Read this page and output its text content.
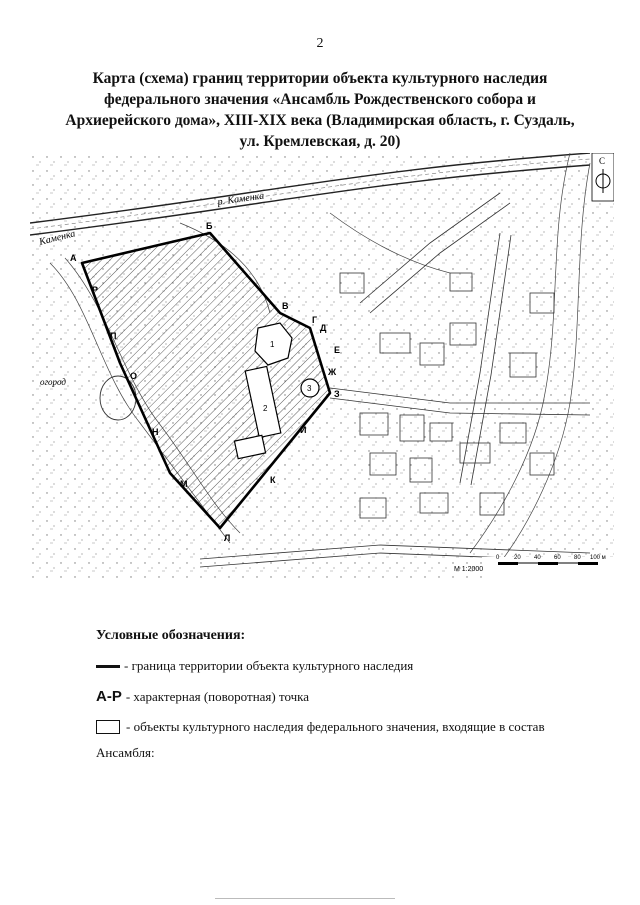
2
Карта (схема) границ территории объекта культурного наследия
федерального значения «Ансамбль Рождественского собора и
Архиерейского дома», XIII-XIX века (Владимирская область, г. Суздаль,
ул. Кремлевская, д. 20)
р. Каменка
Каменка
огород
1
2
3
А
Б
В
Г
Д
Е
Ж
З
И
К
Л
М
Н
О
П
Р
С
М 1:2000
0 20 40 60 80 100 м
Условные обозначения:
- граница территории объекта культурного наследия
А-Р - характерная (поворотная) точка
- объекты культурного наследия федерального значения, входящие в состав
Ансамбля:
